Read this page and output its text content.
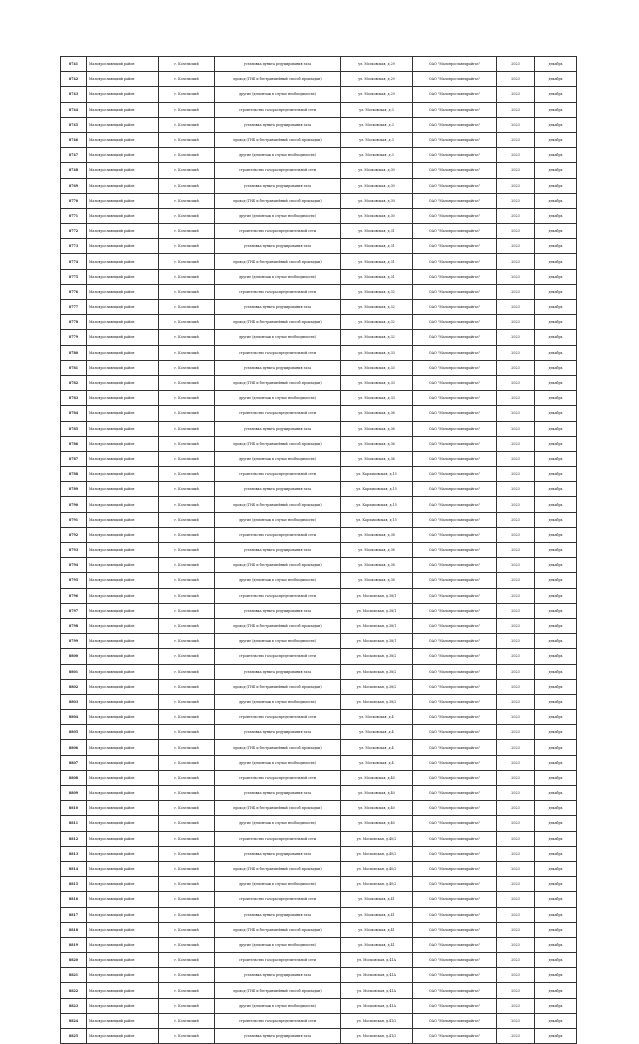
8741	Малоярославецкий район	г. Козельский	установка пункта редуцирования газа	ул. Московская, д.29	ОАО "Малоярославецрайгаз"	2023	декабрь
8742	Малоярославецкий район	г. Козельский	проход (ГНБ и бестраншейный способ прокладки)	ул. Московская, д.29	ОАО "Малоярославецрайгаз"	2023	декабрь
8743	Малоярославецкий район	г. Козельский	другие (демонтаж в случае необходимости)	ул. Московская, д.29	ОАО "Малоярославецрайгаз"	2023	декабрь
8744	Малоярославецкий район	г. Козельский	строительство газораспределительной сети	ул. Московская, д.3	ОАО "Малоярославецрайгаз"	2023	декабрь
8745	Малоярославецкий район	г. Козельский	установка пункта редуцирования газа	ул. Московская, д.3	ОАО "Малоярославецрайгаз"	2023	декабрь
8746	Малоярославецкий район	г. Козельский	проход (ГНБ и бестраншейный способ прокладки)	ул. Московская, д.3	ОАО "Малоярославецрайгаз"	2023	декабрь
8747	Малоярославецкий район	г. Козельский	другие (демонтаж в случае необходимости)	ул. Московская, д.3	ОАО "Малоярославецрайгаз"	2023	декабрь
8748	Малоярославецкий район	г. Козельский	строительство газораспределительной сети	ул. Московская, д.30	ОАО "Малоярославецрайгаз"	2023	декабрь
8769	Малоярославецкий район	г. Козельский	установка пункта редуцирования газа	ул. Московская, д.30	ОАО "Малоярославецрайгаз"	2023	декабрь
8770	Малоярославецкий район	г. Козельский	проход (ГНБ и бестраншейный способ прокладки)	ул. Московская, д.30	ОАО "Малоярославецрайгаз"	2023	декабрь
8771	Малоярославецкий район	г. Козельский	другие (демонтаж в случае необходимости)	ул. Московская, д.30	ОАО "Малоярославецрайгаз"	2023	декабрь
8772	Малоярославецкий район	г. Козельский	строительство газораспределительной сети	ул. Московская, д.31	ОАО "Малоярославецрайгаз"	2023	декабрь
8773	Малоярославецкий район	г. Козельский	установка пункта редуцирования газа	ул. Московская, д.31	ОАО "Малоярославецрайгаз"	2023	декабрь
8774	Малоярославецкий район	г. Козельский	проход (ГНБ и бестраншейный способ прокладки)	ул. Московская, д.31	ОАО "Малоярославецрайгаз"	2023	декабрь
8775	Малоярославецкий район	г. Козельский	другие (демонтаж в случае необходимости)	ул. Московская, д.31	ОАО "Малоярославецрайгаз"	2023	декабрь
8776	Малоярославецкий район	г. Козельский	строительство газораспределительной сети	ул. Московская, д.32	ОАО "Малоярославецрайгаз"	2023	декабрь
8777	Малоярославецкий район	г. Козельский	установка пункта редуцирования газа	ул. Московская, д.32	ОАО "Малоярославецрайгаз"	2023	декабрь
8778	Малоярославецкий район	г. Козельский	проход (ГНБ и бестраншейный способ прокладки)	ул. Московская, д.32	ОАО "Малоярославецрайгаз"	2023	декабрь
8779	Малоярославецкий район	г. Козельский	другие (демонтаж в случае необходимости)	ул. Московская, д.32	ОАО "Малоярославецрайгаз"	2023	декабрь
8780	Малоярославецкий район	г. Козельский	строительство газораспределительной сети	ул. Московская, д.33	ОАО "Малоярославецрайгаз"	2023	декабрь
8781	Малоярославецкий район	г. Козельский	установка пункта редуцирования газа	ул. Московская, д.33	ОАО "Малоярославецрайгаз"	2023	декабрь
8782	Малоярославецкий район	г. Козельский	проход (ГНБ и бестраншейный способ прокладки)	ул. Московская, д.33	ОАО "Малоярославецрайгаз"	2023	декабрь
8783	Малоярославецкий район	г. Козельский	другие (демонтаж в случае необходимости)	ул. Московская, д.33	ОАО "Малоярославецрайгаз"	2023	декабрь
8784	Малоярославецкий район	г. Козельский	строительство газораспределительной сети	ул. Московская, д.36	ОАО "Малоярославецрайгаз"	2023	декабрь
8785	Малоярославецкий район	г. Козельский	установка пункта редуцирования газа	ул. Московская, д.36	ОАО "Малоярославецрайгаз"	2023	декабрь
8786	Малоярославецкий район	г. Козельский	проход (ГНБ и бестраншейный способ прокладки)	ул. Московская, д.36	ОАО "Малоярославецрайгаз"	2023	декабрь
8787	Малоярославецкий район	г. Козельский	другие (демонтаж в случае необходимости)	ул. Московская, д.36	ОАО "Малоярославецрайгаз"	2023	декабрь
8788	Малоярославецкий район	г. Козельский	строительство газораспределительной сети	ул. Карламовская, д.15	ОАО "Малоярославецрайгаз"	2023	декабрь
8789	Малоярославецкий район	г. Козельский	установка пункта редуцирования газа	ул. Карламовская, д.15	ОАО "Малоярославецрайгаз"	2023	декабрь
8790	Малоярославецкий район	г. Козельский	проход (ГНБ и бестраншейный способ прокладки)	ул. Карламовская, д.15	ОАО "Малоярославецрайгаз"	2023	декабрь
8791	Малоярославецкий район	г. Козельский	другие (демонтаж в случае необходимости)	ул. Карламовская, д.15	ОАО "Малоярославецрайгаз"	2023	декабрь
8792	Малоярославецкий район	г. Козельский	строительство газораспределительной сети	ул. Московская, д.38	ОАО "Малоярославецрайгаз"	2023	декабрь
8793	Малоярославецкий район	г. Козельский	установка пункта редуцирования газа	ул. Московская, д.38	ОАО "Малоярославецрайгаз"	2023	декабрь
8794	Малоярославецкий район	г. Козельский	проход (ГНБ и бестраншейный способ прокладки)	ул. Московская, д.38	ОАО "Малоярославецрайгаз"	2023	декабрь
8795	Малоярославецкий район	г. Козельский	другие (демонтаж в случае необходимости)	ул. Московская, д.38	ОАО "Малоярославецрайгаз"	2023	декабрь
8796	Малоярославецкий район	г. Козельский	строительство газораспределительной сети	ул. Московская, д.38/1	ОАО "Малоярославецрайгаз"	2023	декабрь
8797	Малоярославецкий район	г. Козельский	установка пункта редуцирования газа	ул. Московская, д.38/1	ОАО "Малоярославецрайгаз"	2023	декабрь
8798	Малоярославецкий район	г. Козельский	проход (ГНБ и бестраншейный способ прокладки)	ул. Московская, д.38/1	ОАО "Малоярославецрайгаз"	2023	декабрь
8799	Малоярославецкий район	г. Козельский	другие (демонтаж в случае необходимости)	ул. Московская, д.38/1	ОАО "Малоярославецрайгаз"	2023	декабрь
8800	Малоярославецкий район	г. Козельский	строительство газораспределительной сети	ул. Московская, д.38/2	ОАО "Малоярославецрайгаз"	2023	декабрь
8801	Малоярославецкий район	г. Козельский	установка пункта редуцирования газа	ул. Московская, д.38/2	ОАО "Малоярославецрайгаз"	2023	декабрь
8802	Малоярославецкий район	г. Козельский	проход (ГНБ и бестраншейный способ прокладки)	ул. Московская, д.38/2	ОАО "Малоярославецрайгаз"	2023	декабрь
8803	Малоярославецкий район	г. Козельский	другие (демонтаж в случае необходимости)	ул. Московская, д.38/2	ОАО "Малоярославецрайгаз"	2023	декабрь
8804	Малоярославецкий район	г. Козельский	строительство газораспределительной сети	ул. Московская, д.4	ОАО "Малоярославецрайгаз"	2023	декабрь
8805	Малоярославецкий район	г. Козельский	установка пункта редуцирования газа	ул. Московская, д.4	ОАО "Малоярославецрайгаз"	2023	декабрь
8806	Малоярославецкий район	г. Козельский	проход (ГНБ и бестраншейный способ прокладки)	ул. Московская, д.4	ОАО "Малоярославецрайгаз"	2023	декабрь
8807	Малоярославецкий район	г. Козельский	другие (демонтаж в случае необходимости)	ул. Московская, д.4	ОАО "Малоярославецрайгаз"	2023	декабрь
8808	Малоярославецкий район	г. Козельский	строительство газораспределительной сети	ул. Московская, д.40	ОАО "Малоярославецрайгаз"	2023	декабрь
8809	Малоярославецкий район	г. Козельский	установка пункта редуцирования газа	ул. Московская, д.40	ОАО "Малоярославецрайгаз"	2023	декабрь
8810	Малоярославецкий район	г. Козельский	проход (ГНБ и бестраншейный способ прокладки)	ул. Московская, д.40	ОАО "Малоярославецрайгаз"	2023	декабрь
8811	Малоярославецкий район	г. Козельский	другие (демонтаж в случае необходимости)	ул. Московская, д.40	ОАО "Малоярославецрайгаз"	2023	декабрь
8812	Малоярославецкий район	г. Козельский	строительство газораспределительной сети	ул. Московская, д.40/2	ОАО "Малоярославецрайгаз"	2023	декабрь
8813	Малоярославецкий район	г. Козельский	установка пункта редуцирования газа	ул. Московская, д.40/2	ОАО "Малоярославецрайгаз"	2023	декабрь
8814	Малоярославецкий район	г. Козельский	проход (ГНБ и бестраншейный способ прокладки)	ул. Московская, д.40/2	ОАО "Малоярославецрайгаз"	2023	декабрь
8815	Малоярославецкий район	г. Козельский	другие (демонтаж в случае необходимости)	ул. Московская, д.40/2	ОАО "Малоярославецрайгаз"	2023	декабрь
8816	Малоярославецкий район	г. Козельский	строительство газораспределительной сети	ул. Московская, д.41	ОАО "Малоярославецрайгаз"	2023	декабрь
8817	Малоярославецкий район	г. Козельский	установка пункта редуцирования газа	ул. Московская, д.41	ОАО "Малоярославецрайгаз"	2023	декабрь
8818	Малоярославецкий район	г. Козельский	проход (ГНБ и бестраншейный способ прокладки)	ул. Московская, д.41	ОАО "Малоярославецрайгаз"	2023	декабрь
8819	Малоярославецкий район	г. Козельский	другие (демонтаж в случае необходимости)	ул. Московская, д.41	ОАО "Малоярославецрайгаз"	2023	декабрь
8820	Малоярославецкий район	г. Козельский	строительство газораспределительной сети	ул. Московская, д.41А	ОАО "Малоярославецрайгаз"	2023	декабрь
8821	Малоярославецкий район	г. Козельский	установка пункта редуцирования газа	ул. Московская, д.41А	ОАО "Малоярославецрайгаз"	2023	декабрь
8822	Малоярославецкий район	г. Козельский	проход (ГНБ и бестраншейный способ прокладки)	ул. Московская, д.41А	ОАО "Малоярославецрайгаз"	2023	декабрь
8823	Малоярославецкий район	г. Козельский	другие (демонтаж в случае необходимости)	ул. Московская, д.41А	ОАО "Малоярославецрайгаз"	2023	декабрь
8824	Малоярославецкий район	г. Козельский	строительство газораспределительной сети	ул. Московская, д.41/2	ОАО "Малоярославецрайгаз"	2023	декабрь
8825	Малоярославецкий район	г. Козельский	установка пункта редуцирования газа	ул. Московская, д.41/2	ОАО "Малоярославецрайгаз"	2023	декабрь
